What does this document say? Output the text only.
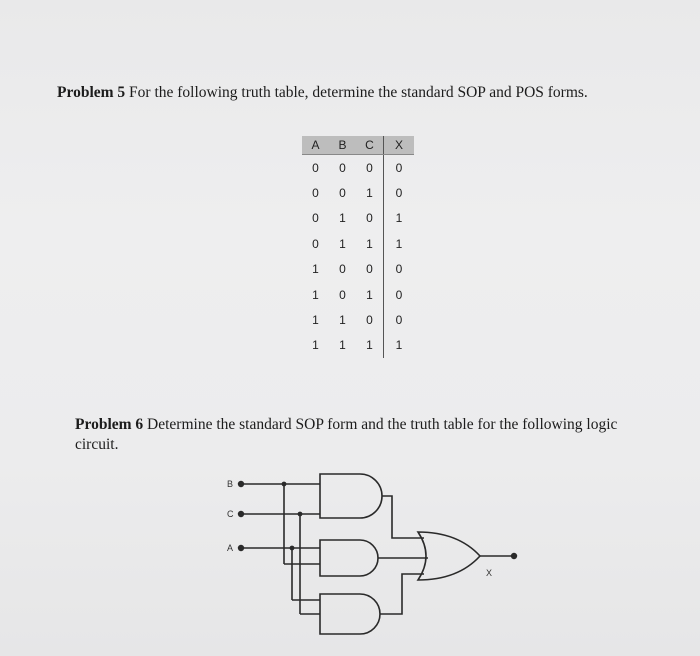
Problem 5 For the following truth table, determine the standard SOP and POS forms.
A	B	C	X
0	0	0	0
0	0	1	0
0	1	0	1
0	1	1	1
1	0	0	0
1	0	1	0
1	1	0	0
1	1	1	1
Problem 6 Determine the standard SOP form and the truth table for the following logic circuit.
B
C
A
X
